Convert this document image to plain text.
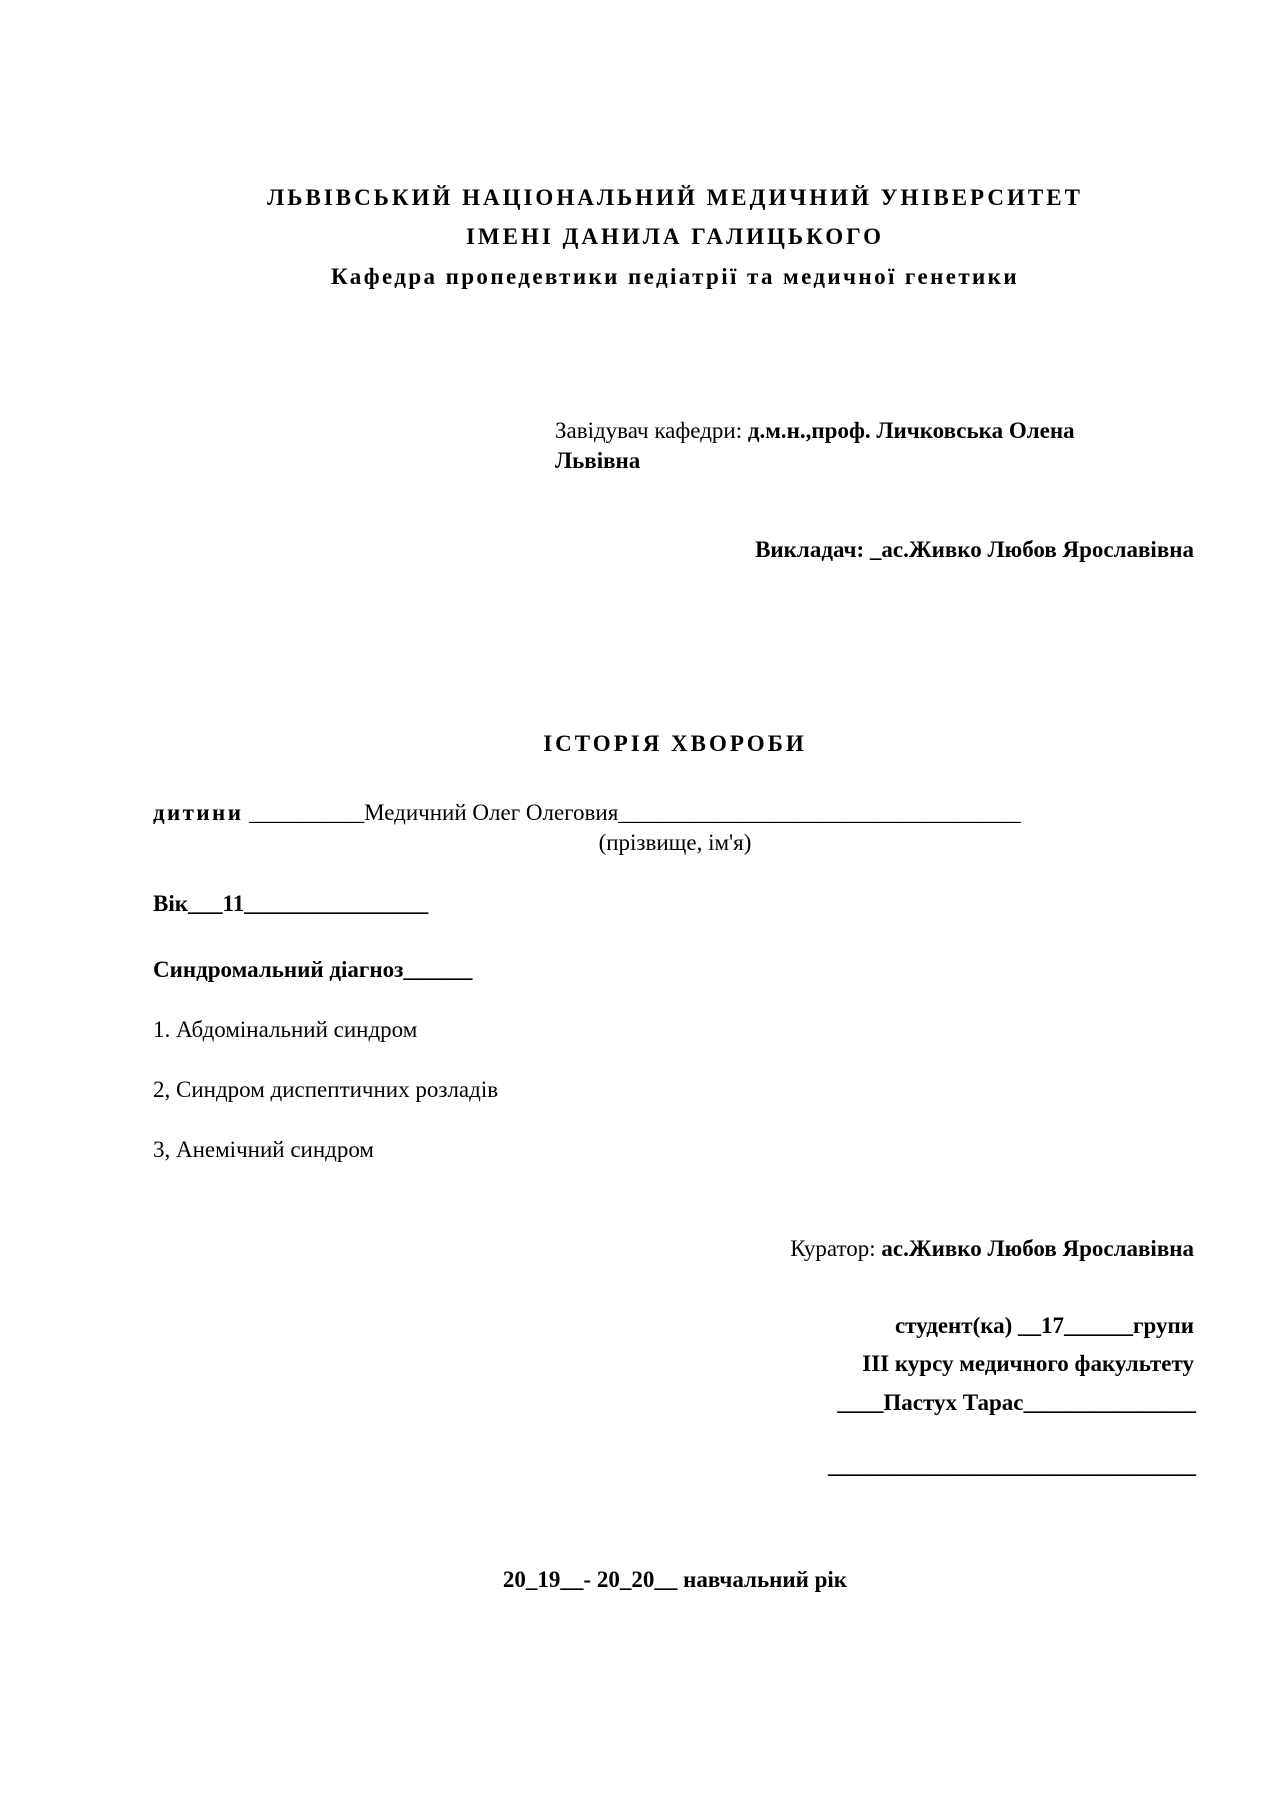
ЛЬВІВСЬКИЙ НАЦІОНАЛЬНИЙ МЕДИЧНИЙ УНІВЕРСИТЕТ
ІМЕНІ ДАНИЛА ГАЛИЦЬКОГО
Кафедра пропедевтики педіатрії та медичної генетики
Завідувач кафедри: д.м.н.,проф. Личковська Олена
Львівна
Викладач: _ас.Живко Любов Ярославівна
ІСТОРІЯ ХВОРОБИ
дитини __________Медичний Олег Олеговия___________________________________
(прізвище, ім'я)
Вік___11________________
Синдромальний діагноз______
1. Абдомінальний синдром
2, Синдром диспептичних розладів
3, Анемічний синдром
Куратор: ас.Живко Любов Ярославівна
студент(ка) __17______групи
ІІІ курсу медичного факультету
____Пастух Тарас_______________
________________________________
20_19__- 20_20__ навчальний рік
